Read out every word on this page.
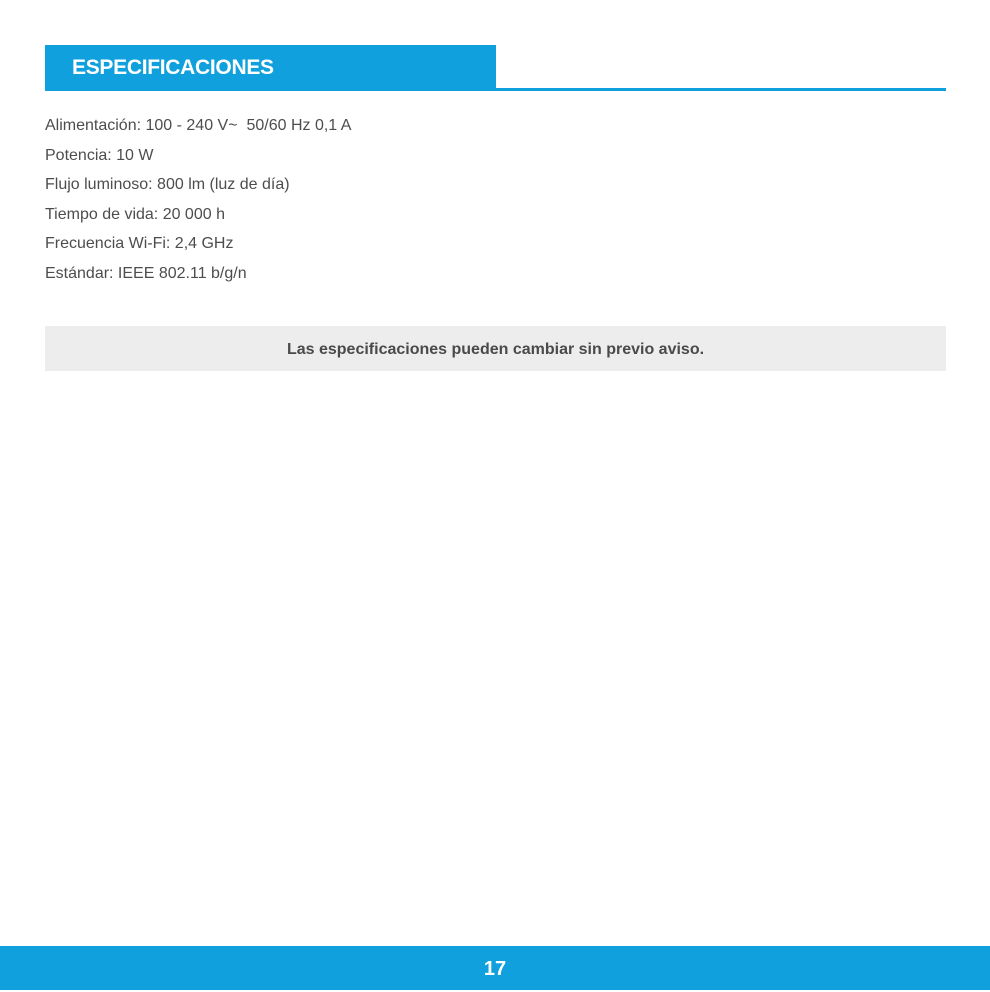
ESPECIFICACIONES
Alimentación: 100 - 240 V~  50/60 Hz 0,1 A
Potencia: 10 W
Flujo luminoso: 800 lm (luz de día)
Tiempo de vida: 20 000 h
Frecuencia Wi-Fi: 2,4 GHz
Estándar: IEEE 802.11 b/g/n
Las especificaciones pueden cambiar sin previo aviso.
17
